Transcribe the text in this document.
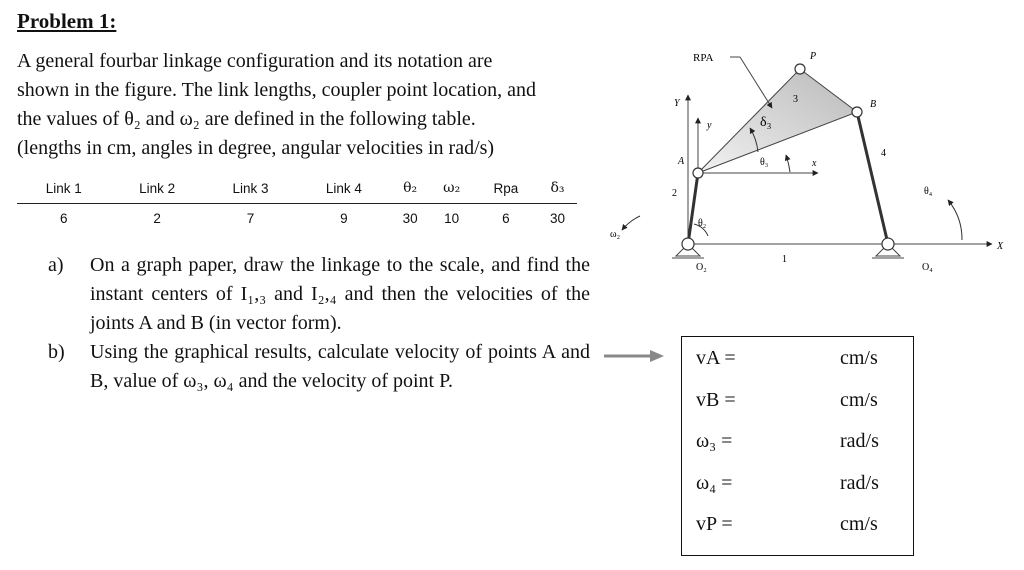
Problem 1:
A general fourbar linkage configuration and its notation are
shown in the figure. The link lengths, coupler point location, and
the values of θ₂ and ω₂ are defined in the following table.
(lengths in cm, angles in degree, angular velocities in rad/s)
Link 1	Link 2	Link 3	Link 4	θ₂	ω₂	Rpa	δ₃
6	2	7	9	30	10	6	30
a) On a graph paper, draw the linkage to the scale, and find the instant centers of I₁,₃ and I₂,₄ and then the velocities of the joints A and B (in vector form).
b) Using the graphical results, calculate velocity of points A and B, value of ω₃, ω₄ and the velocity of point P.
vA =	cm/s
vB =	cm/s
ω₃ =	rad/s
ω₄ =	rad/s
vP =	cm/s
RPA	P
B
A
Y
y
x
X
2
3
4
1
δ₃
θ₃
θ₂
θ₄
ω₂
O₂	O₄
